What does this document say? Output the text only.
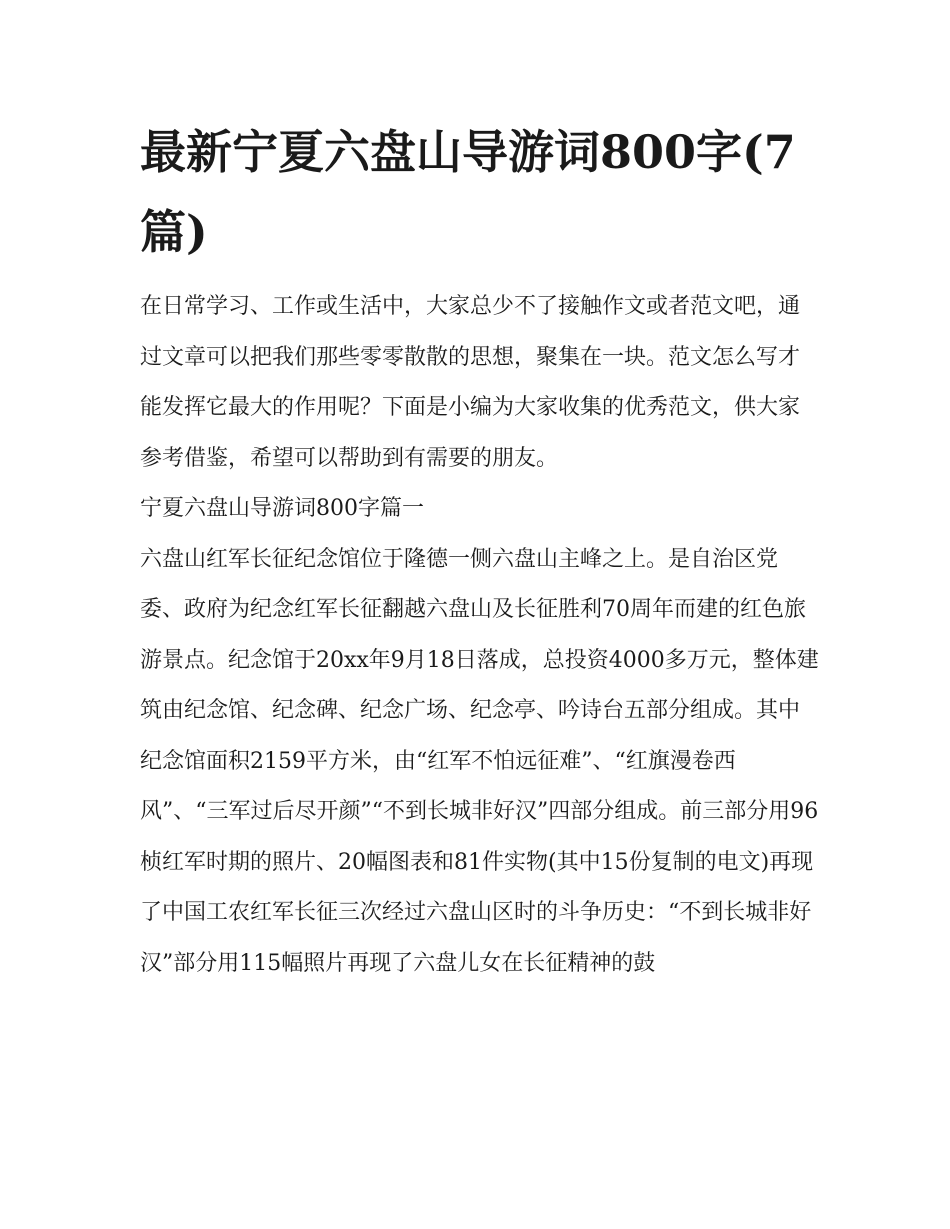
最新宁夏六盘山导游词800字(7篇)

在日常学习、工作或生活中，大家总少不了接触作文或者范文吧，通过文章可以把我们那些零零散散的思想，聚集在一块。范文怎么写才能发挥它最大的作用呢？下面是小编为大家收集的优秀范文，供大家参考借鉴，希望可以帮助到有需要的朋友。

宁夏六盘山导游词800字篇一

六盘山红军长征纪念馆位于隆德一侧六盘山主峰之上。是自治区党委、政府为纪念红军长征翻越六盘山及长征胜利70周年而建的红色旅游景点。纪念馆于20xx年9月18日落成，总投资4000多万元，整体建筑由纪念馆、纪念碑、纪念广场、纪念亭、吟诗台五部分组成。其中纪念馆面积2159平方米，由“红军不怕远征难”、“红旗漫卷西风”、“三军过后尽开颜”“不到长城非好汉”四部分组成。前三部分用96桢红军时期的照片、20幅图表和81件实物(其中15份复制的电文)再现了中国工农红军长征三次经过六盘山区时的斗争历史：“不到长城非好汉”部分用115幅照片再现了六盘儿女在长征精神的鼓
